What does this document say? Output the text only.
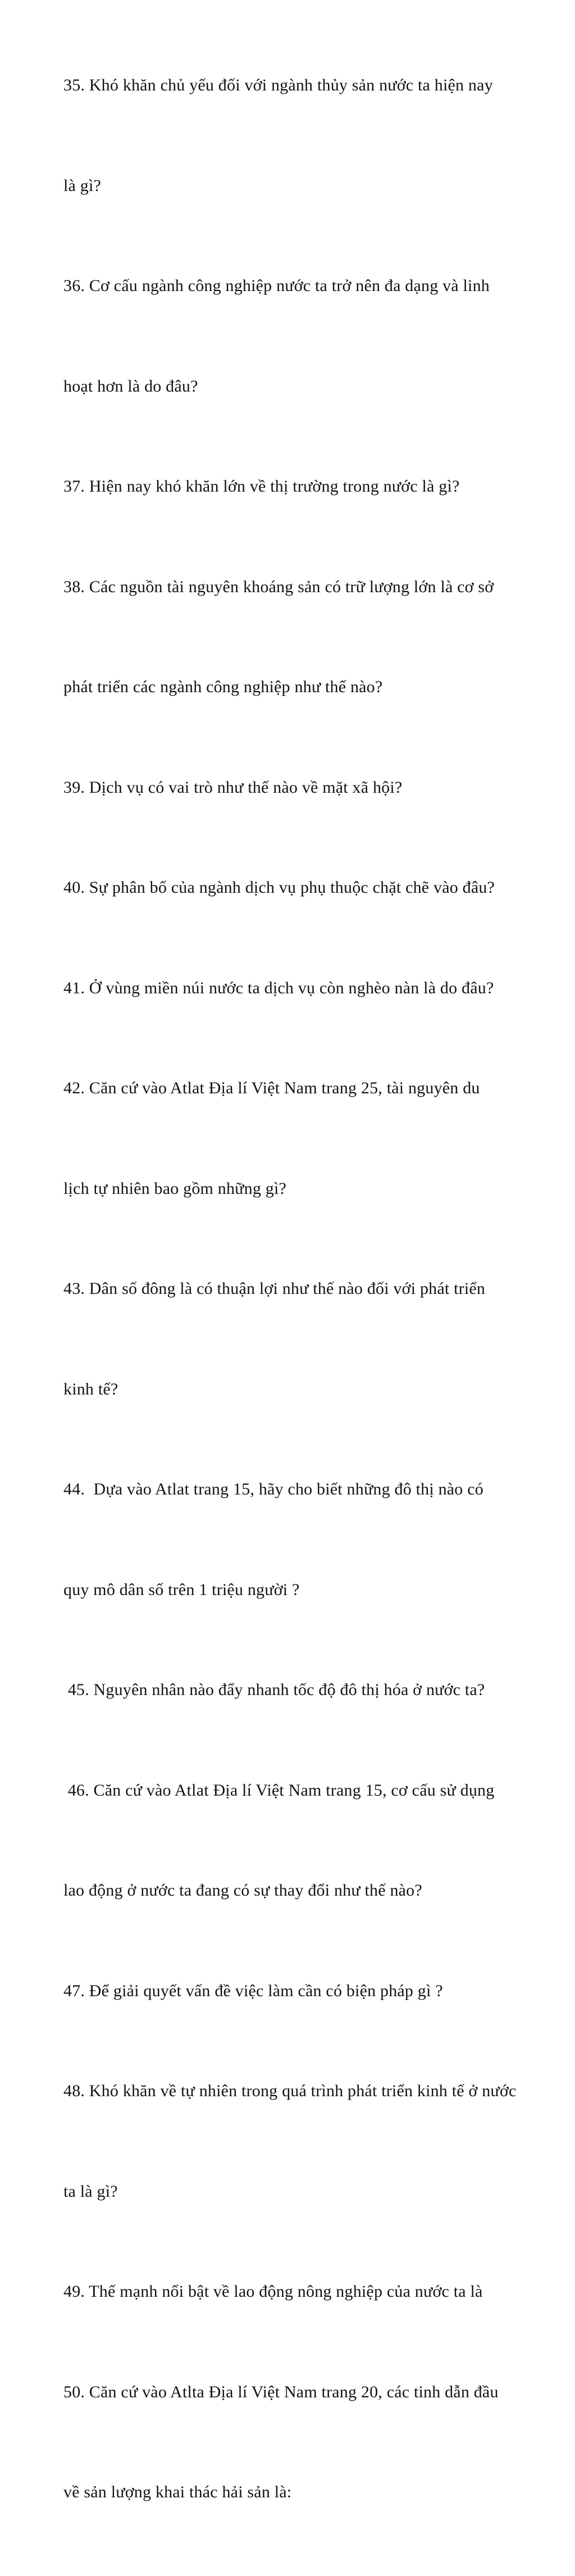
35. Khó khăn chủ yếu đối với ngành thủy sản nước ta hiện nay

là gì?

36. Cơ cấu ngành công nghiệp nước ta trở nên đa dạng và linh

hoạt hơn là do đâu?

37. Hiện nay khó khăn lớn về thị trường trong nước là gì?

38. Các nguồn tài nguyên khoáng sản có trữ lượng lớn là cơ sở

phát triển các ngành công nghiệp như thế nào?

39. Dịch vụ có vai trò như thế nào về mặt xã hội?

40. Sự phân bố của ngành dịch vụ phụ thuộc chặt chẽ vào đâu?

41. Ở vùng miền núi nước ta dịch vụ còn nghèo nàn là do đâu?

42. Căn cứ vào Atlat Địa lí Việt Nam trang 25, tài nguyên du

lịch tự nhiên bao gồm những gì?

43. Dân số đông là có thuận lợi như thế nào đối với phát triển

kinh tế?

44.  Dựa vào Atlat trang 15, hãy cho biết những đô thị nào có

quy mô dân số trên 1 triệu người ?

45. Nguyên nhân nào đẩy nhanh tốc độ đô thị hóa ở nước ta?

46. Căn cứ vào Atlat Địa lí Việt Nam trang 15, cơ cấu sử dụng

lao động ở nước ta đang có sự thay đổi như thế nào?

47. Để giải quyết vấn đề việc làm cần có biện pháp gì ?

48. Khó khăn về tự nhiên trong quá trình phát triển kinh tế ở nước

ta là gì?

49. Thế mạnh nổi bật về lao động nông nghiệp của nước ta là

50. Căn cứ vào Atlta Địa lí Việt Nam trang 20, các tinh dẫn đầu

về sản lượng khai thác hải sản là:
